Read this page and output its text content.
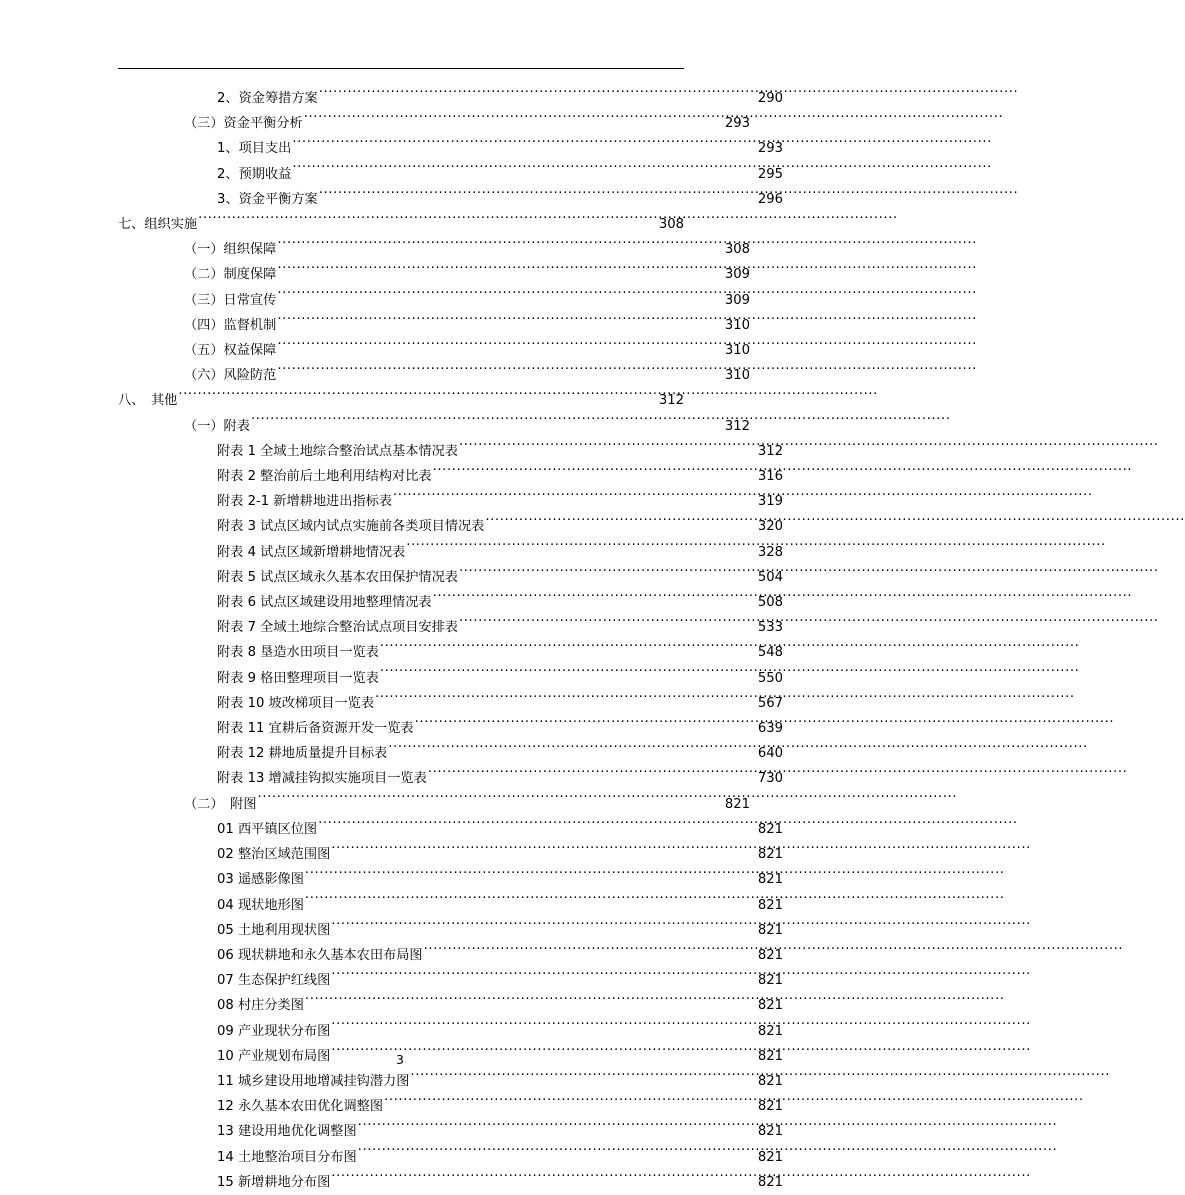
2、资金筹措方案 .....	290
（三）资金平衡分析 .....	293
1、项目支出 .....	293
2、预期收益 .....	295
3、资金平衡方案 .....	296
七、组织实施 .....	308
（一）组织保障 .....	308
（二）制度保障 .....	309
（三）日常宣传 .....	309
（四）监督机制 .....	310
（五）权益保障 .....	310
（六）风险防范 .....	310
八、　其他 .....	312
（一）附表 .....	312
附表 1 全域土地综合整治试点基本情况表 .....	312
附表 2 整治前后土地利用结构对比表 .....	316
附表 2-1 新增耕地进出指标表 .....	319
附表 3 试点区域内试点实施前各类项目情况表 .....	320
附表 4 试点区域新增耕地情况表 .....	328
附表 5 试点区域永久基本农田保护情况表 .....	504
附表 6 试点区域建设用地整理情况表 .....	508
附表 7 全域土地综合整治试点项目安排表 .....	533
附表 8 垦造水田项目一览表 .....	548
附表 9 格田整理项目一览表 .....	550
附表 10 坡改梯项目一览表 .....	567
附表 11 宜耕后备资源开发一览表 .....	639
附表 12 耕地质量提升目标表 .....	640
附表 13 增减挂钩拟实施项目一览表 .....	730
（二）　附图 .....	821
01 西平镇区位图 .....	821
02 整治区域范围图 .....	821
03 遥感影像图 .....	821
04 现状地形图 .....	821
05 土地利用现状图 .....	821
06 现状耕地和永久基本农田布局图 .....	821
07 生态保护红线图 .....	821
08 村庄分类图 .....	821
09 产业现状分布图 .....	821
10 产业规划布局图 .....	821
11 城乡建设用地增减挂钩潜力图 .....	821
12 永久基本农田优化调整图 .....	821
13 建设用地优化调整图 .....	821
14 土地整治项目分布图 .....	821
15 新增耕地分布图 .....	821
3
